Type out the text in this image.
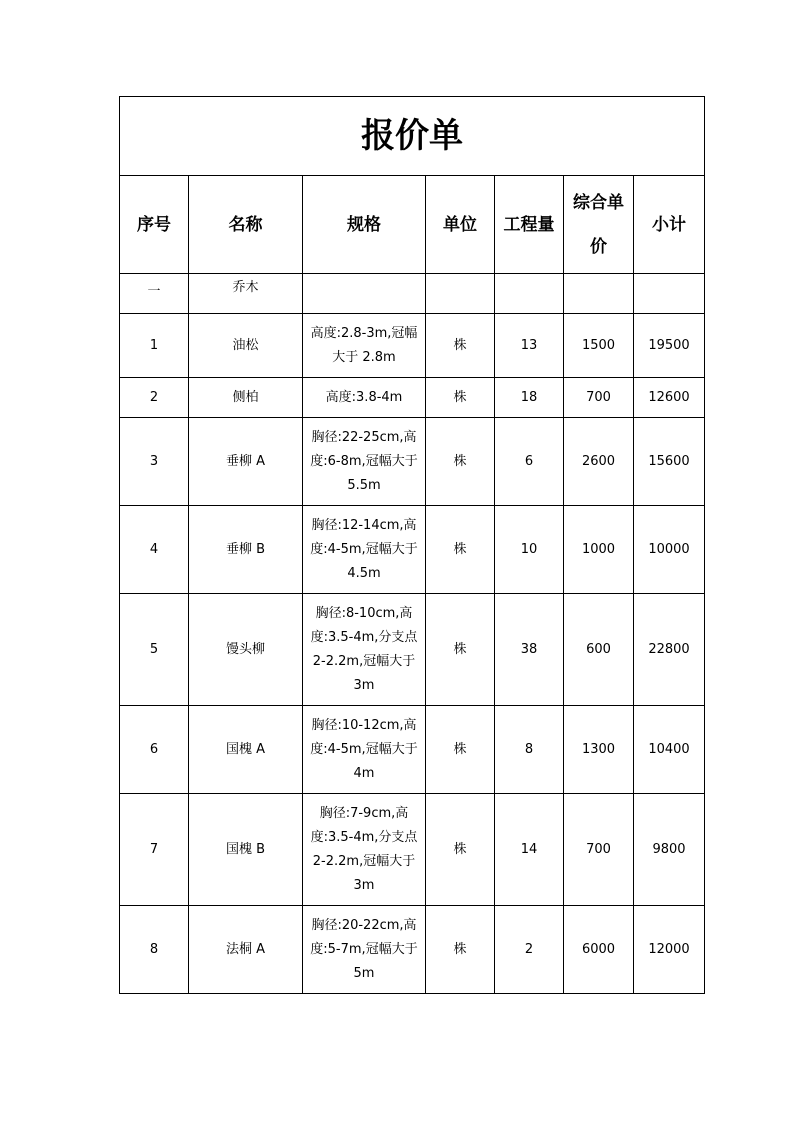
报价单						
序号	名称	规格	单位	工程量	综合单价	小计
一	乔木					
1	油松	高度:2.8-3m,冠幅大于 2.8m	株	13	1500	19500
2	侧柏	高度:3.8-4m	株	18	700	12600
3	垂柳 A	胸径:22-25cm,高度:6-8m,冠幅大于 5.5m	株	6	2600	15600
4	垂柳 B	胸径:12-14cm,高度:4-5m,冠幅大于 4.5m	株	10	1000	10000
5	馒头柳	胸径:8-10cm,高度:3.5-4m,分支点 2-2.2m,冠幅大于 3m	株	38	600	22800
6	国槐 A	胸径:10-12cm,高度:4-5m,冠幅大于 4m	株	8	1300	10400
7	国槐 B	胸径:7-9cm,高度:3.5-4m,分支点 2-2.2m,冠幅大于 3m	株	14	700	9800
8	法桐 A	胸径:20-22cm,高度:5-7m,冠幅大于 5m	株	2	6000	12000
